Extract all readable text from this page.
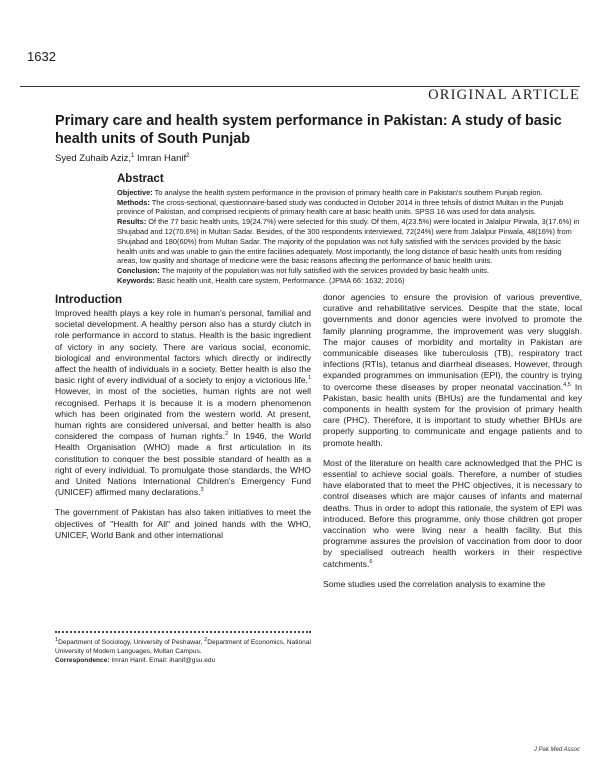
1632
ORIGINAL ARTICLE
Primary care and health system performance in Pakistan: A study of basic health units of South Punjab
Syed Zuhaib Aziz,$^1$ Imran Hanif$^2$
Abstract

Objective: To analyse the health system performance in the provision of primary health care in Pakistan's southern Punjab region.

Methods: The cross-sectional, questionnaire-based study was conducted in October 2014 in three tehsils of district Multan in the Punjab province of Pakistan, and comprised recipients of primary health care at basic health units. SPSS 16 was used for data analysis.

Results: Of the 77 basic health units, 19(24.7%) were selected for this study. Of them, 4(23.5%) were located in Jalalpur Pirwala, 3(17.6%) in Shujabad and 12(70.6%) in Multan Sadar. Besides, of the 300 respondents interviewed, 72(24%) were from Jalalpur Pirwala, 48(16%) from Shujabad and 180(60%) from Multan Sadar. The majority of the population was not fully satisfied with the services provided by the basic health units and was unable to gain the entire facilities adequately. Most importantly, the long distance of basic health units from residing areas, low quality and shortage of medicine were the basic reasons affecting the performance of basic health units.

Conclusion: The majority of the population was not fully satisfied with the services provided by basic health units.

Keywords: Basic health unit, Health care system, Performance. (JPMA 66: 1632; 2016)

Introduction

Improved health plays a key role in human's personal, familial and societal development. A healthy person also has a sturdy clutch in role performance in accord to status. Health is the basic ingredient of victory in any society. There are various social, economic, biological and environmental factors which directly or indirectly affect the health of individuals in a society. Better health is also the basic right of every individual of a society to enjoy a victorious life.$^1$ However, in most of the societies, human rights are not well recognised. Perhaps it is because it is a modern phenomenon which has been originated from the western world. At present, human rights are considered universal, and better health is also considered the compass of human rights.$^2$ In 1946, the World Health Organisation (WHO) made a first articulation in its constitution to conquer the best possible standard of health as a right of every individual. To promulgate those standards, the WHO and United Nations International Children's Emergency Fund (UNICEF) affirmed many declarations.$^3$

The government of Pakistan has also taken initiatives to meet the objectives of "Health for All" and joined hands with the WHO, UNICEF, World Bank and other international

donor agencies to ensure the provision of various preventive, curative and rehabilitative services. Despite that the state, local governments and donor agencies were involved to promote the family planning programme, the improvement was very sluggish. The major causes of morbidity and mortality in Pakistan are communicable diseases like tuberculosis (TB), respiratory tract infections (RTIs), tetanus and diarrheal diseases. However, through expanded programmes on immunisation (EPI), the country is trying to overcome these diseases by proper neonatal vaccination.$^{4,5}$ In Pakistan, basic health units (BHUs) are the fundamental and key components in health system for the provision of primary health care (PHC). Therefore, it is important to study whether BHUs are properly supporting to communicate and engage patients and to promote health.

Most of the literature on health care acknowledged that the PHC is essential to achieve social goals. Therefore, a number of studies have elaborated that to meet the PHC objectives, it is necessary to control diseases which are major causes of infants and maternal deaths. Thus in order to adopt this rationale, the system of EPI was introduced. Before this programme, only those children got proper vaccination who were living near a health facility. But this programme assures the provision of vaccination from door to door by specialised outreach health workers in their respective catchments.$^6$

Some studies used the correlation analysis to examine the

$^1$Department of Sociology, University of Peshawar, $^2$Department of Economics, National University of Modern Languages, Multan Campus.
Correspondence: Imran Hanif. Email: ihanif@gsu.edu
J Pak Med Assoc
